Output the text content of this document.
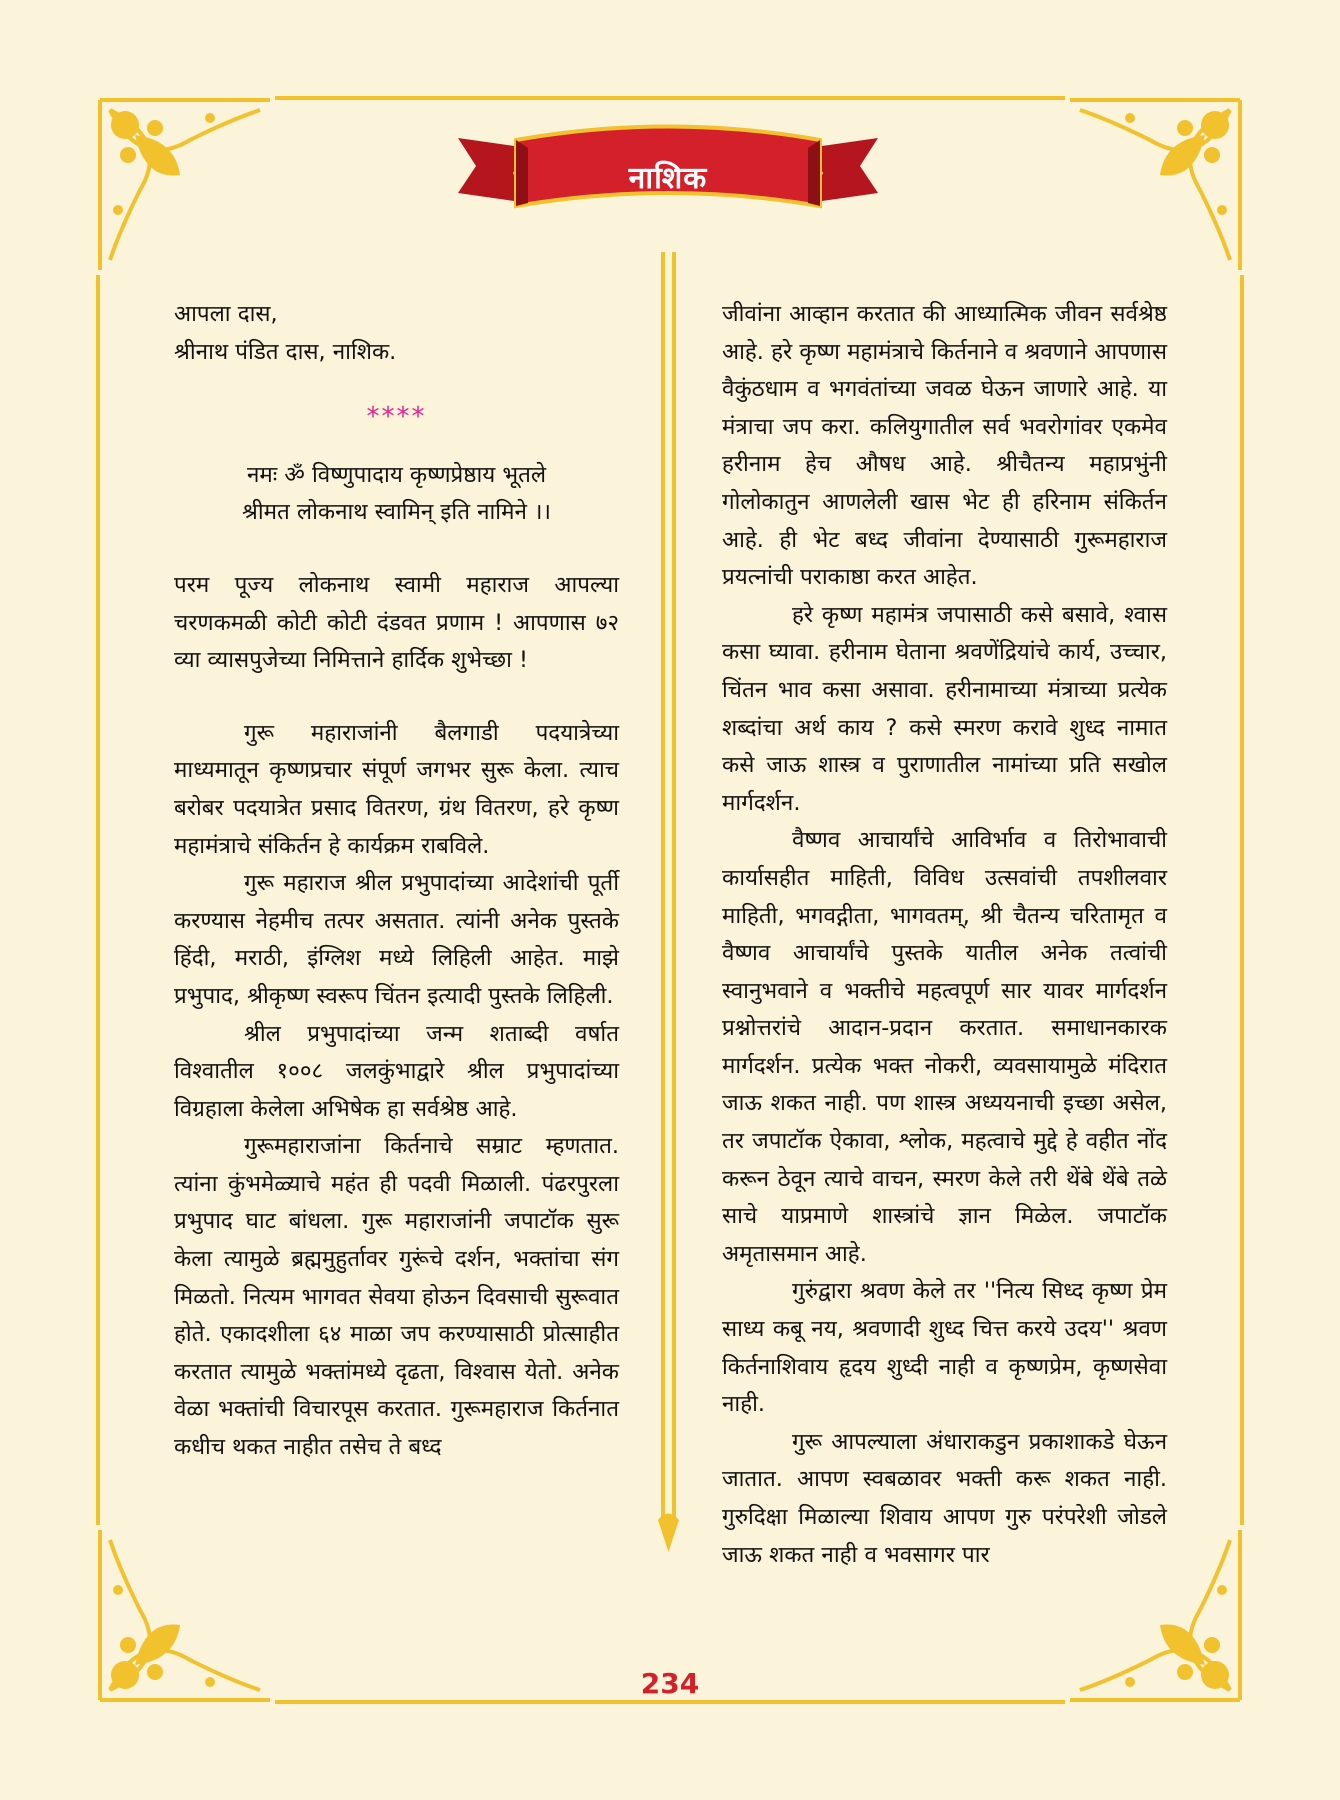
नाशिक

आपला दास,

श्रीनाथ पंडित दास, नाशिक.

****

नमः ॐ विष्णुपादाय कृष्णप्रेष्ठाय भूतले

श्रीमत लोकनाथ स्वामिन् इति नामिने ।।

परम पूज्य लोकनाथ स्वामी महाराज आपल्या चरणकमळी कोटी कोटी दंडवत प्रणाम ! आपणास ७२ व्या व्यासपुजेच्या निमित्ताने हार्दिक शुभेच्छा !

गुरू महाराजांनी बैलगाडी पदयात्रेच्या माध्यमातून कृष्णप्रचार संपूर्ण जगभर सुरू केला. त्याच बरोबर पदयात्रेत प्रसाद वितरण, ग्रंथ वितरण, हरे कृष्ण महामंत्राचे संकिर्तन हे कार्यक्रम राबविले.

गुरू महाराज श्रील प्रभुपादांच्या आदेशांची पूर्ती करण्यास नेहमीच तत्पर असतात. त्यांनी अनेक पुस्तके हिंदी, मराठी, इंग्लिश मध्ये लिहिली आहेत. माझे प्रभुपाद, श्रीकृष्ण स्वरूप चिंतन इत्यादी पुस्तके लिहिली.

श्रील प्रभुपादांच्या जन्म शताब्दी वर्षात विश्वातील १००८ जलकुंभाद्वारे श्रील प्रभुपादांच्या विग्रहाला केलेला अभिषेक हा सर्वश्रेष्ठ आहे.

गुरूमहाराजांना किर्तनाचे सम्राट म्हणतात. त्यांना कुंभमेळ्याचे महंत ही पदवी मिळाली. पंढरपुरला प्रभुपाद घाट बांधला. गुरू महाराजांनी जपाटॉक सुरू केला त्यामुळे ब्रह्ममुहुर्तावर गुरूंचे दर्शन, भक्तांचा संग मिळतो. नित्यम भागवत सेवया होऊन दिवसाची सुरूवात होते. एकादशीला ६४ माळा जप करण्यासाठी प्रोत्साहीत करतात त्यामुळे भक्तांमध्ये दृढता, विश्वास येतो. अनेक वेळा भक्तांची विचारपूस करतात. गुरूमहाराज किर्तनात कधीच थकत नाहीत तसेच ते बध्द

जीवांना आव्हान करतात की आध्यात्मिक जीवन सर्वश्रेष्ठ आहे. हरे कृष्ण महामंत्राचे किर्तनाने व श्रवणाने आपणास वैकुंठधाम व भगवंतांच्या जवळ घेऊन जाणारे आहे. या मंत्राचा जप करा. कलियुगातील सर्व भवरोगांवर एकमेव हरीनाम हेच औषध आहे. श्रीचैतन्य महाप्रभुंनी गोलोकातुन आणलेली खास भेट ही हरिनाम संकिर्तन आहे. ही भेट बध्द जीवांना देण्यासाठी गुरूमहाराज प्रयत्नांची पराकाष्ठा करत आहेत.

हरे कृष्ण महामंत्र जपासाठी कसे बसावे, श्वास कसा घ्यावा. हरीनाम घेताना श्रवणेंद्रियांचे कार्य, उच्चार, चिंतन भाव कसा असावा. हरीनामाच्या मंत्राच्या प्रत्येक शब्दांचा अर्थ काय ? कसे स्मरण करावे शुध्द नामात कसे जाऊ शास्त्र व पुराणातील नामांच्या प्रति सखोल मार्गदर्शन.

वैष्णव आचार्यांचे आविर्भाव व तिरोभावाची कार्यासहीत माहिती, विविध उत्सवांची तपशीलवार माहिती, भगवद्गीता, भागवतम्, श्री चैतन्य चरितामृत व वैष्णव आचार्यांचे पुस्तके यातील अनेक तत्वांची स्वानुभवाने व भक्तीचे महत्वपूर्ण सार यावर मार्गदर्शन प्रश्नोत्तरांचे आदान-प्रदान करतात. समाधानकारक मार्गदर्शन. प्रत्येक भक्त नोकरी, व्यवसायामुळे मंदिरात जाऊ शकत नाही. पण शास्त्र अध्ययनाची इच्छा असेल, तर जपाटॉक ऐकावा, श्लोक, महत्वाचे मुद्दे हे वहीत नोंद करून ठेवून त्याचे वाचन, स्मरण केले तरी थेंबे थेंबे तळे साचे याप्रमाणे शास्त्रांचे ज्ञान मिळेल. जपाटॉक अमृतासमान आहे.

गुरुंद्वारा श्रवण केले तर ''नित्य सिध्द कृष्ण प्रेम साध्य कबू नय, श्रवणादी शुध्द चित्त करये उदय'' श्रवण किर्तनाशिवाय हृदय शुध्दी नाही व कृष्णप्रेम, कृष्णसेवा नाही.

गुरू आपल्याला अंधाराकडुन प्रकाशाकडे घेऊन जातात. आपण स्वबळावर भक्ती करू शकत नाही. गुरुदिक्षा मिळाल्या शिवाय आपण गुरु परंपरेशी जोडले जाऊ शकत नाही व भवसागर पार

234
